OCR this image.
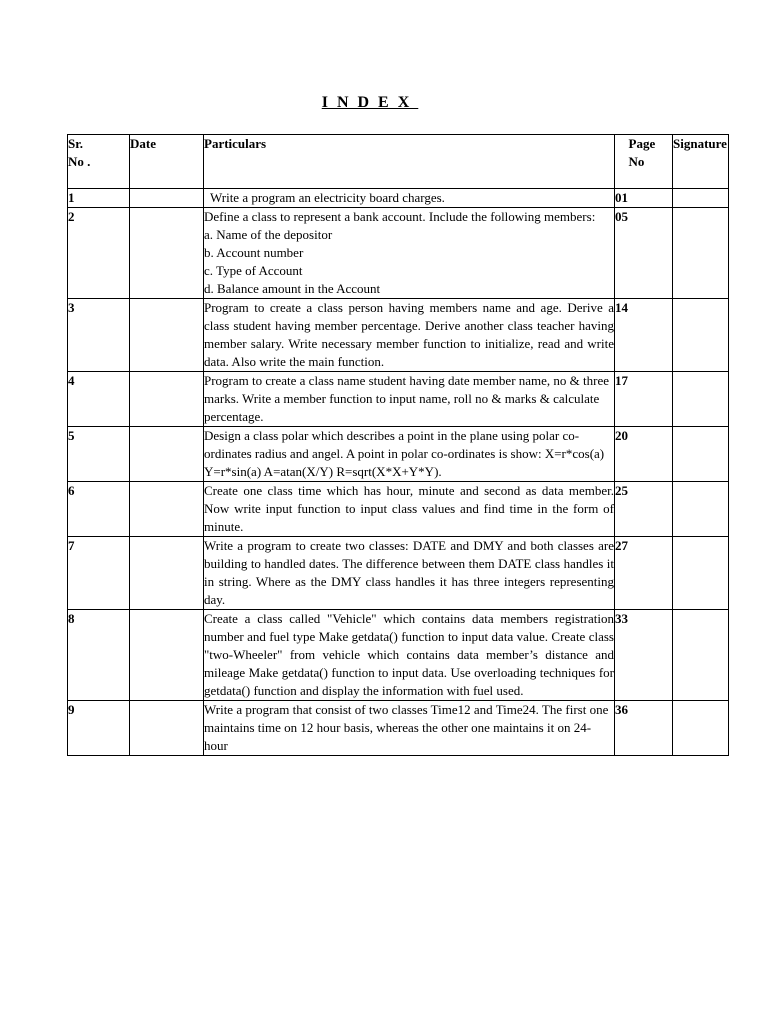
INDEX
Sr. No .	Date	Particulars	Page No	Signature
1		Write a program an electricity board charges.	01	
2		Define a class to represent a bank account. Include the following members:
a. Name of the depositor
b. Account number
c. Type of Account
d. Balance amount in the Account	05	
3		Program to create a class person having members name and age. Derive a class student having member percentage. Derive another class teacher having member salary. Write necessary member function to initialize, read and write data. Also write the main function.	14	
4		Program to create a class name student having date member name, no & three marks. Write a member function to input name, roll no & marks & calculate percentage.	17	
5		Design a class polar which describes a point in the plane using polar co- ordinates radius and angel. A point in polar co-ordinates is show: X=r*cos(a) Y=r*sin(a) A=atan(X/Y) R=sqrt(X*X+Y*Y).	20	
6		Create one class time which has hour, minute and second as data member. Now write input function to input class values and find time in the form of minute.	25	
7		Write a program to create two classes: DATE and DMY and both classes are building to handled dates. The difference between them DATE class handles it in string. Where as the DMY class handles it has three integers representing day.	27	
8		Create a class called "Vehicle" which contains data members registration number and fuel type Make getdata() function to input data value. Create class "two-Wheeler" from vehicle which contains data member’s distance and mileage Make getdata() function to input data. Use overloading techniques for getdata() function and display the information with fuel used.	33	
9		Write a program that consist of two classes Time12 and Time24. The first one maintains time on 12 hour basis, whereas the other one maintains it on 24-hour	36	
